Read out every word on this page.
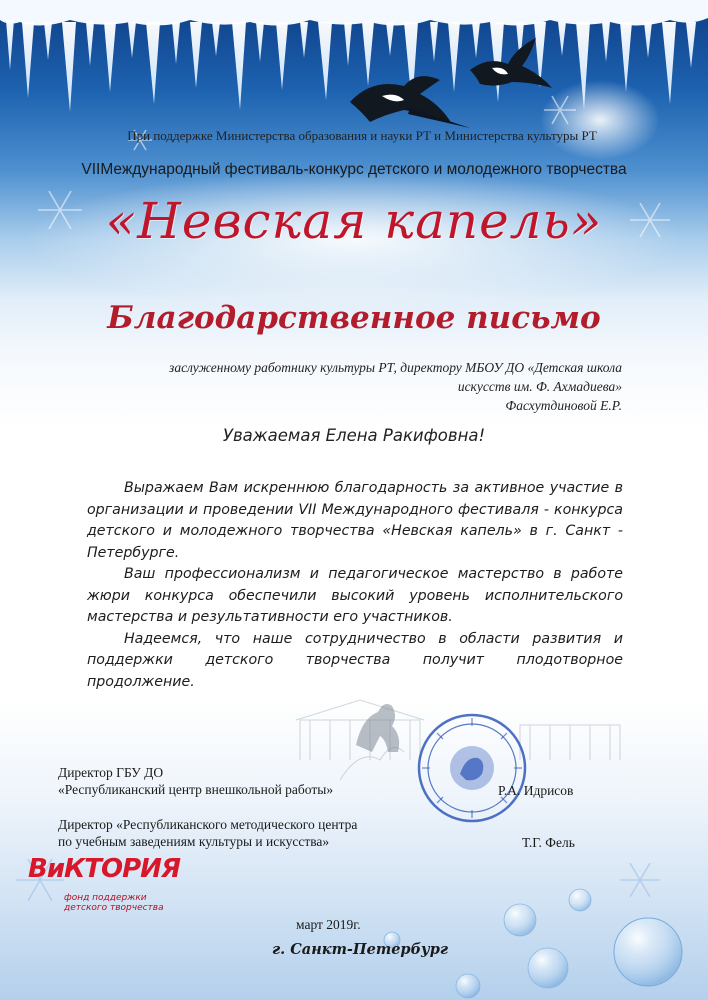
При поддержке Министерства образования и науки РТ и Министерства культуры РТ
VIIМеждународный фестиваль-конкурс детского и молодежного творчества
«Невская капель»
Благодарственное письмо
заслуженному работнику культуры РТ, директору МБОУ ДО «Детская школа
искусств им. Ф. Ахмадиева»
Фасхутдиновой Е.Р.
Уважаемая Елена Ракифовна!

Выражаем Вам искреннюю благодарность за активное участие в организации и проведении VII Международного фестиваля - конкурса детского и молодежного творчества «Невская капель» в г. Санкт - Петербурге.

Ваш профессионализм и педагогическое мастерство в работе жюри конкурса обеспечили высокий уровень исполнительского мастерства и результативности его участников.

Надеемся, что наше сотрудничество в области развития и поддержки детского творчества получит плодотворное продолжение.

Директор ГБУ ДО
«Республиканский центр внешкольной работы»	Р.А. Идрисов
Директор «Республиканского методического центра
по учебным заведениям культуры и искусства»	Т.Г. Фель
ВиКТОРИЯ
фонд поддержки
детского творчества
март 2019г.
г. Санкт-Петербург
